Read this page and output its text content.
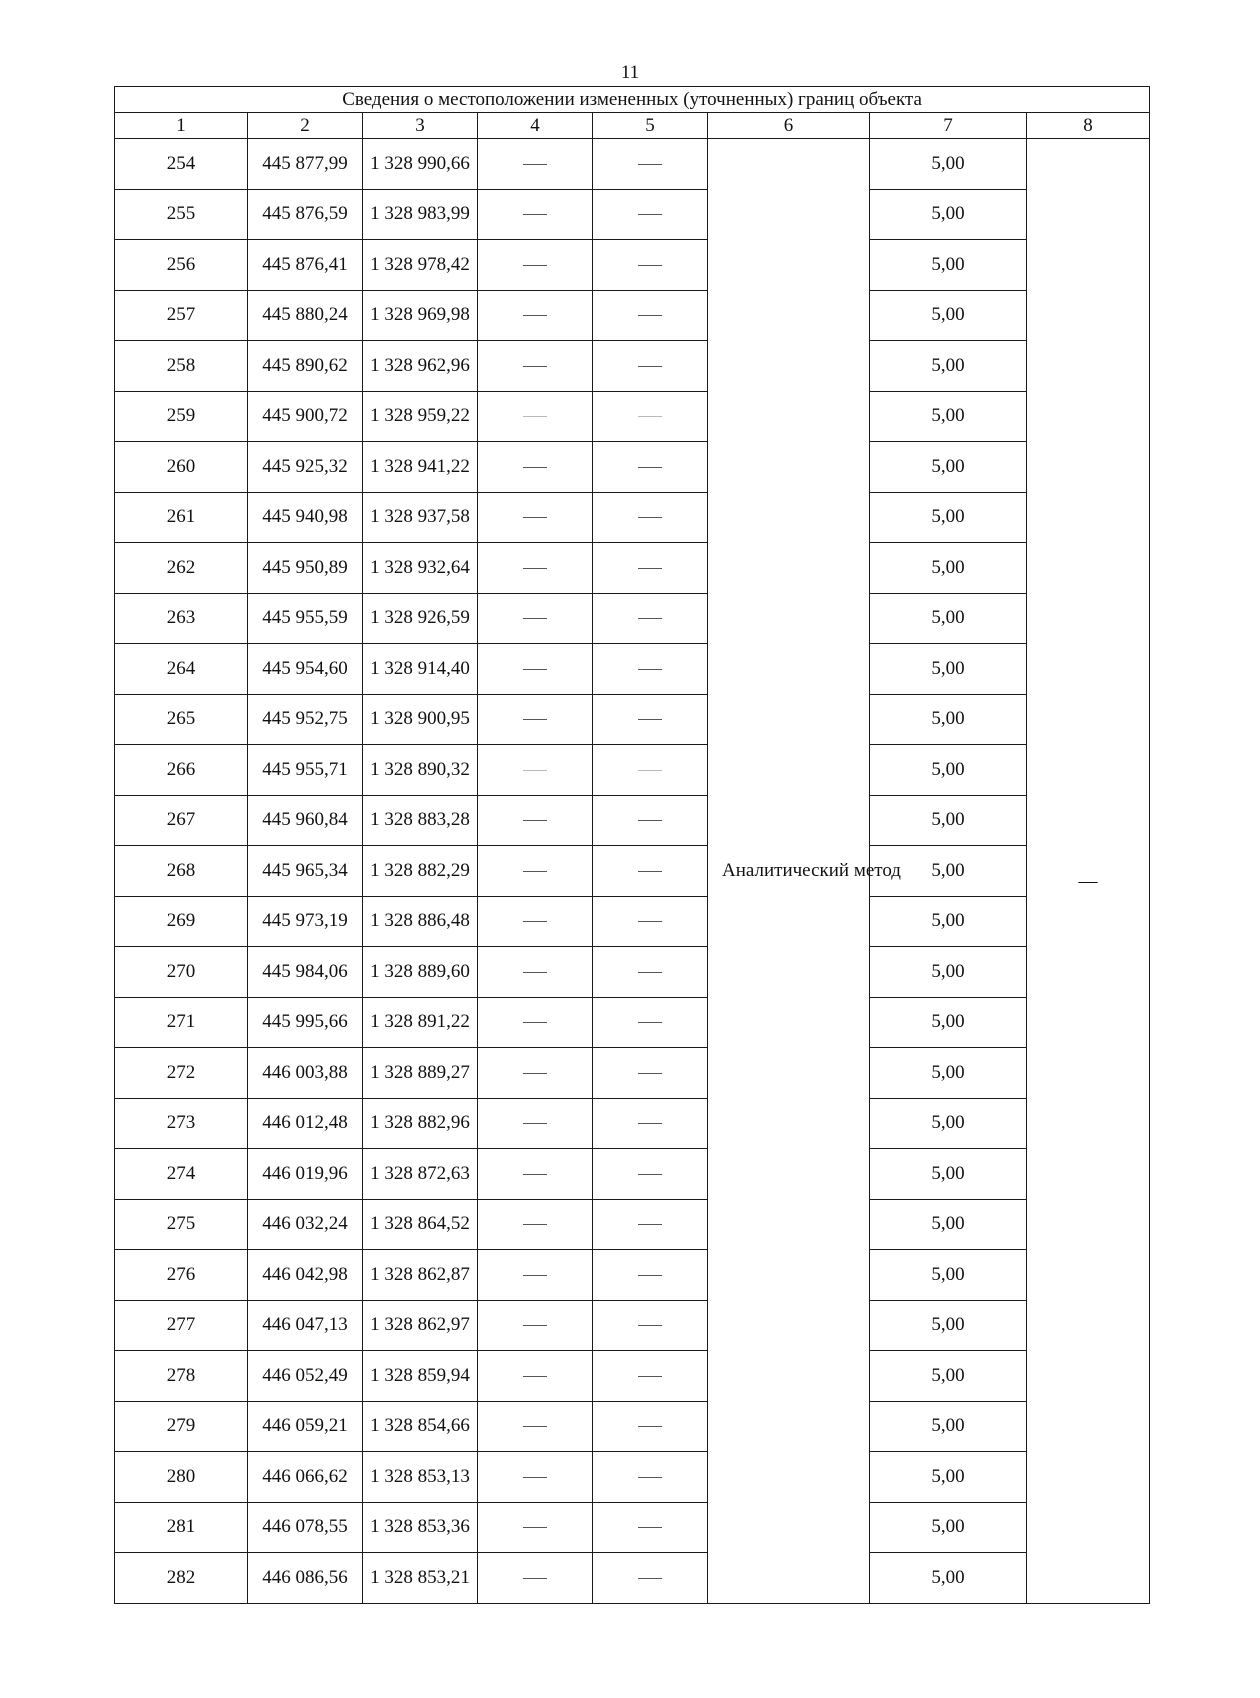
11
Сведения о местоположении измененных (уточненных) границ объекта							
1	2	3	4	5	6	7	8
254	445 877,99	1 328 990,66			Аналитический метод	5,00	—
255	445 876,59	1 328 983,99				5,00	
256	445 876,41	1 328 978,42				5,00	
257	445 880,24	1 328 969,98				5,00	
258	445 890,62	1 328 962,96				5,00	
259	445 900,72	1 328 959,22				5,00	
260	445 925,32	1 328 941,22				5,00	
261	445 940,98	1 328 937,58				5,00	
262	445 950,89	1 328 932,64				5,00	
263	445 955,59	1 328 926,59				5,00	
264	445 954,60	1 328 914,40				5,00	
265	445 952,75	1 328 900,95				5,00	
266	445 955,71	1 328 890,32				5,00	
267	445 960,84	1 328 883,28				5,00	
268	445 965,34	1 328 882,29				5,00	
269	445 973,19	1 328 886,48				5,00	
270	445 984,06	1 328 889,60				5,00	
271	445 995,66	1 328 891,22				5,00	
272	446 003,88	1 328 889,27				5,00	
273	446 012,48	1 328 882,96				5,00	
274	446 019,96	1 328 872,63				5,00	
275	446 032,24	1 328 864,52				5,00	
276	446 042,98	1 328 862,87				5,00	
277	446 047,13	1 328 862,97				5,00	
278	446 052,49	1 328 859,94				5,00	
279	446 059,21	1 328 854,66				5,00	
280	446 066,62	1 328 853,13				5,00	
281	446 078,55	1 328 853,36				5,00	
282	446 086,56	1 328 853,21				5,00	
